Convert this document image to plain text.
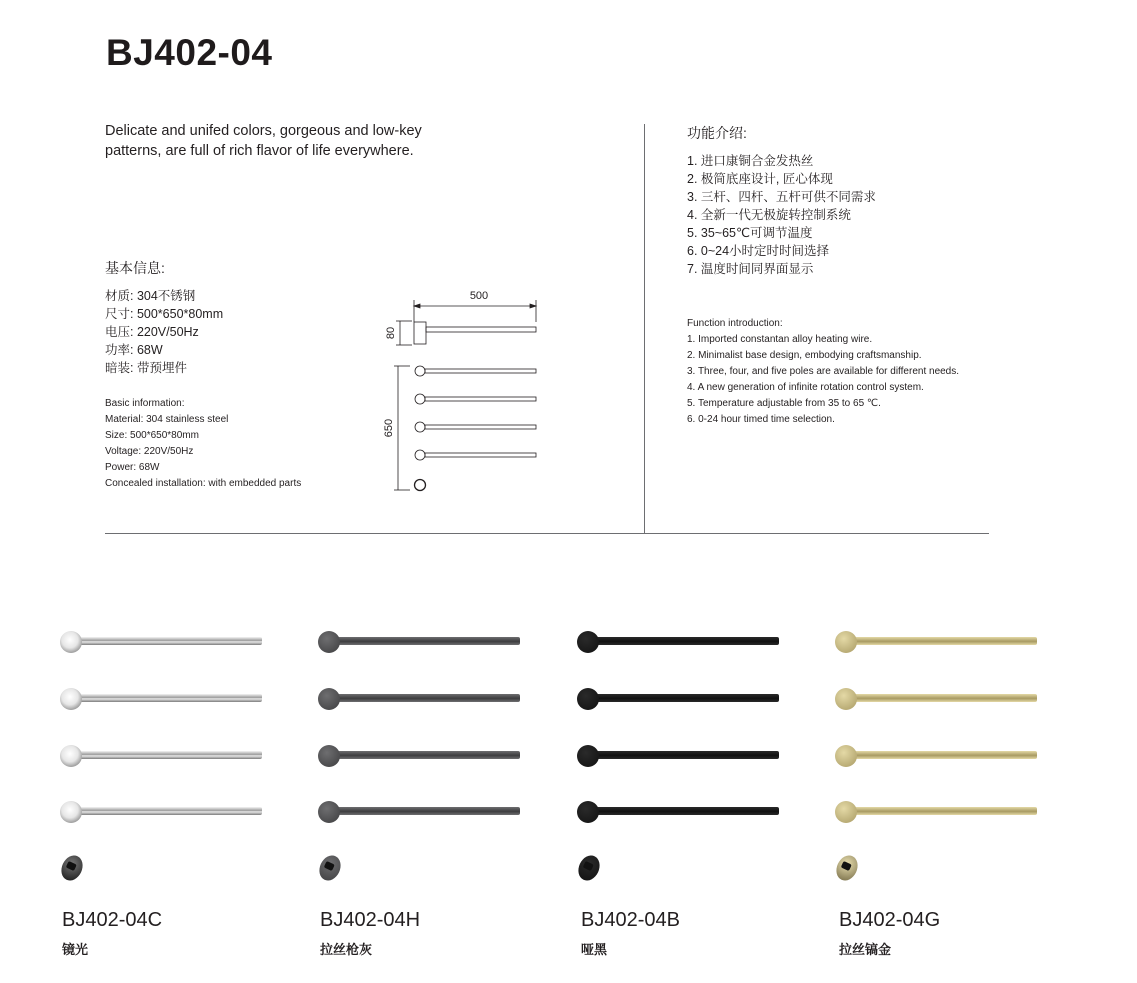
BJ402-04
Delicate and unifed colors, gorgeous and low-key patterns, are full of rich flavor of life everywhere.
基本信息:
材质: 304不锈钢
尺寸: 500*650*80mm
电压: 220V/50Hz
功率: 68W
暗装: 带预埋件
Basic information:
Material: 304 stainless steel
Size: 500*650*80mm
Voltage: 220V/50Hz
Power: 68W
Concealed installation: with embedded parts
500
80
650
功能介绍:
1. 进口康铜合金发热丝
2. 极简底座设计, 匠心体现
3. 三杆、四杆、五杆可供不同需求
4. 全新一代无极旋转控制系统
5. 35~65℃可调节温度
6. 0~24小时定时时间选择
7. 温度时间同界面显示
Function introduction:
1. Imported constantan alloy heating wire.
2. Minimalist base design, embodying craftsmanship.
3. Three, four, and five poles are available for different needs.
4. A new generation of infinite rotation control system.
5. Temperature adjustable from 35 to 65 ℃.
6. 0-24 hour timed time selection.
BJ402-04C
镜光
BJ402-04H
拉丝枪灰
BJ402-04B
哑黑
BJ402-04G
拉丝镐金
